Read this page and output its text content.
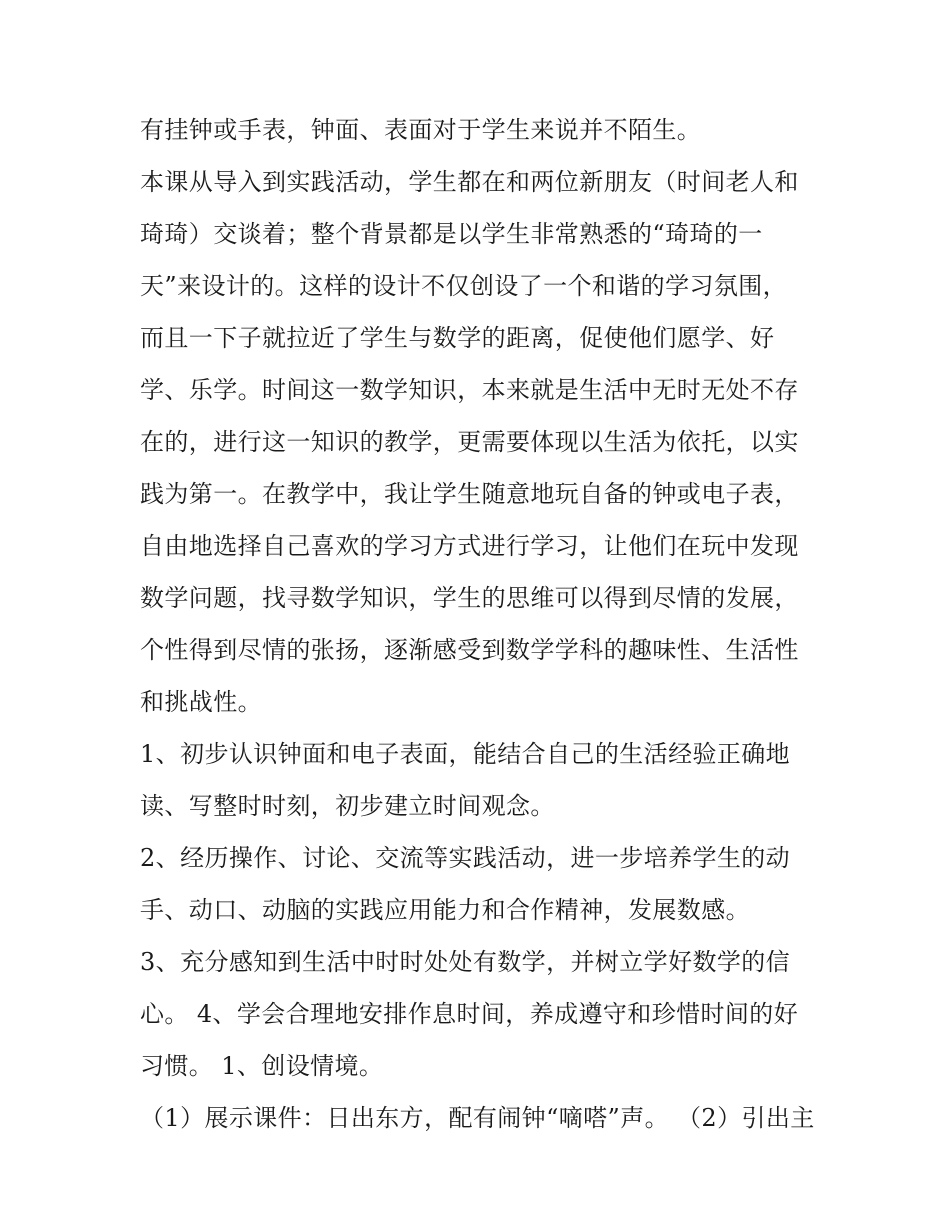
有挂钟或手表，钟面、表面对于学生来说并不陌生。
本课从导入到实践活动，学生都在和两位新朋友（时间老人和
琦琦）交谈着；整个背景都是以学生非常熟悉的“琦琦的一
天”来设计的。这样的设计不仅创设了一个和谐的学习氛围，
而且一下子就拉近了学生与数学的距离，促使他们愿学、好
学、乐学。时间这一数学知识，本来就是生活中无时无处不存
在的，进行这一知识的教学，更需要体现以生活为依托，以实
践为第一。在教学中，我让学生随意地玩自备的钟或电子表，
自由地选择自己喜欢的学习方式进行学习，让他们在玩中发现
数学问题，找寻数学知识，学生的思维可以得到尽情的发展，
个性得到尽情的张扬，逐渐感受到数学学科的趣味性、生活性
和挑战性。
1、初步认识钟面和电子表面，能结合自己的生活经验正确地
读、写整时时刻，初步建立时间观念。
2、经历操作、讨论、交流等实践活动，进一步培养学生的动
手、动口、动脑的实践应用能力和合作精神，发展数感。
3、充分感知到生活中时时处处有数学，并树立学好数学的信
心。 4、学会合理地安排作息时间，养成遵守和珍惜时间的好
习惯。 1、创设情境。
（1）展示课件：日出东方，配有闹钟“嘀嗒”声。 （2）引出主
